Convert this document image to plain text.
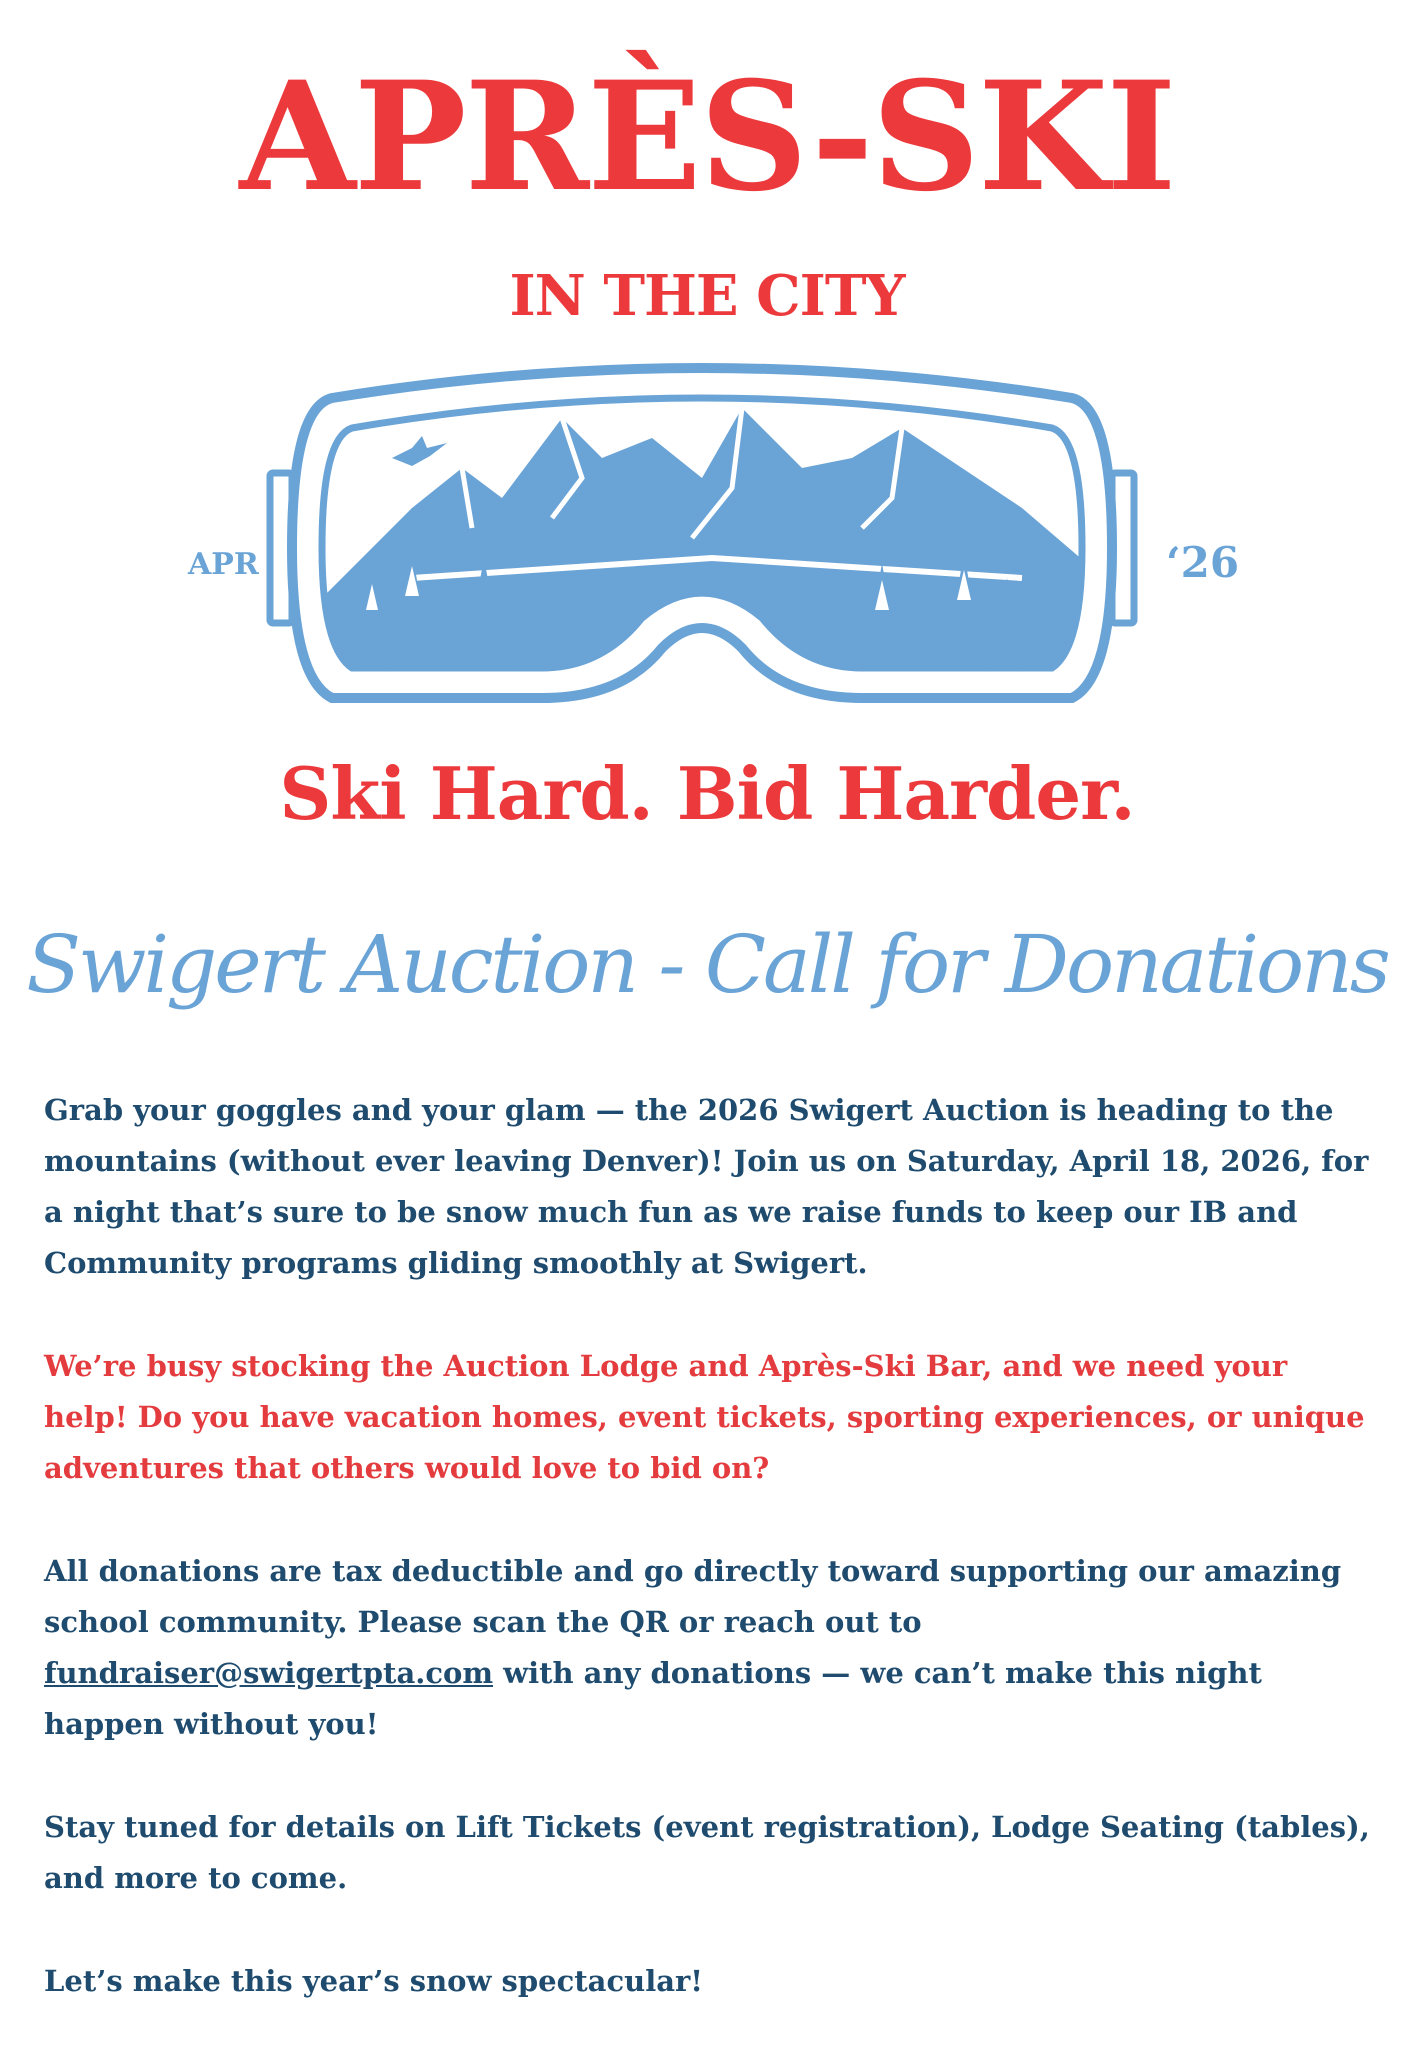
APRÈS-SKI
IN THE CITY
APR	‘26
Ski Hard. Bid Harder.
Swigert Auction - Call for Donations

Grab your goggles and your glam — the 2026 Swigert Auction is heading to the mountains (without ever leaving Denver)! Join us on Saturday, April 18, 2026, for a night that’s sure to be snow much fun as we raise funds to keep our IB and Community programs gliding smoothly at Swigert.

We’re busy stocking the Auction Lodge and Après-Ski Bar, and we need your help! Do you have vacation homes, event tickets, sporting experiences, or unique adventures that others would love to bid on?

All donations are tax deductible and go directly toward supporting our amazing school community. Please scan the QR or reach out to fundraiser@swigertpta.com with any donations — we can’t make this night happen without you!

Stay tuned for details on Lift Tickets (event registration), Lodge Seating (tables), and more to come.

Let’s make this year’s snow spectacular!
